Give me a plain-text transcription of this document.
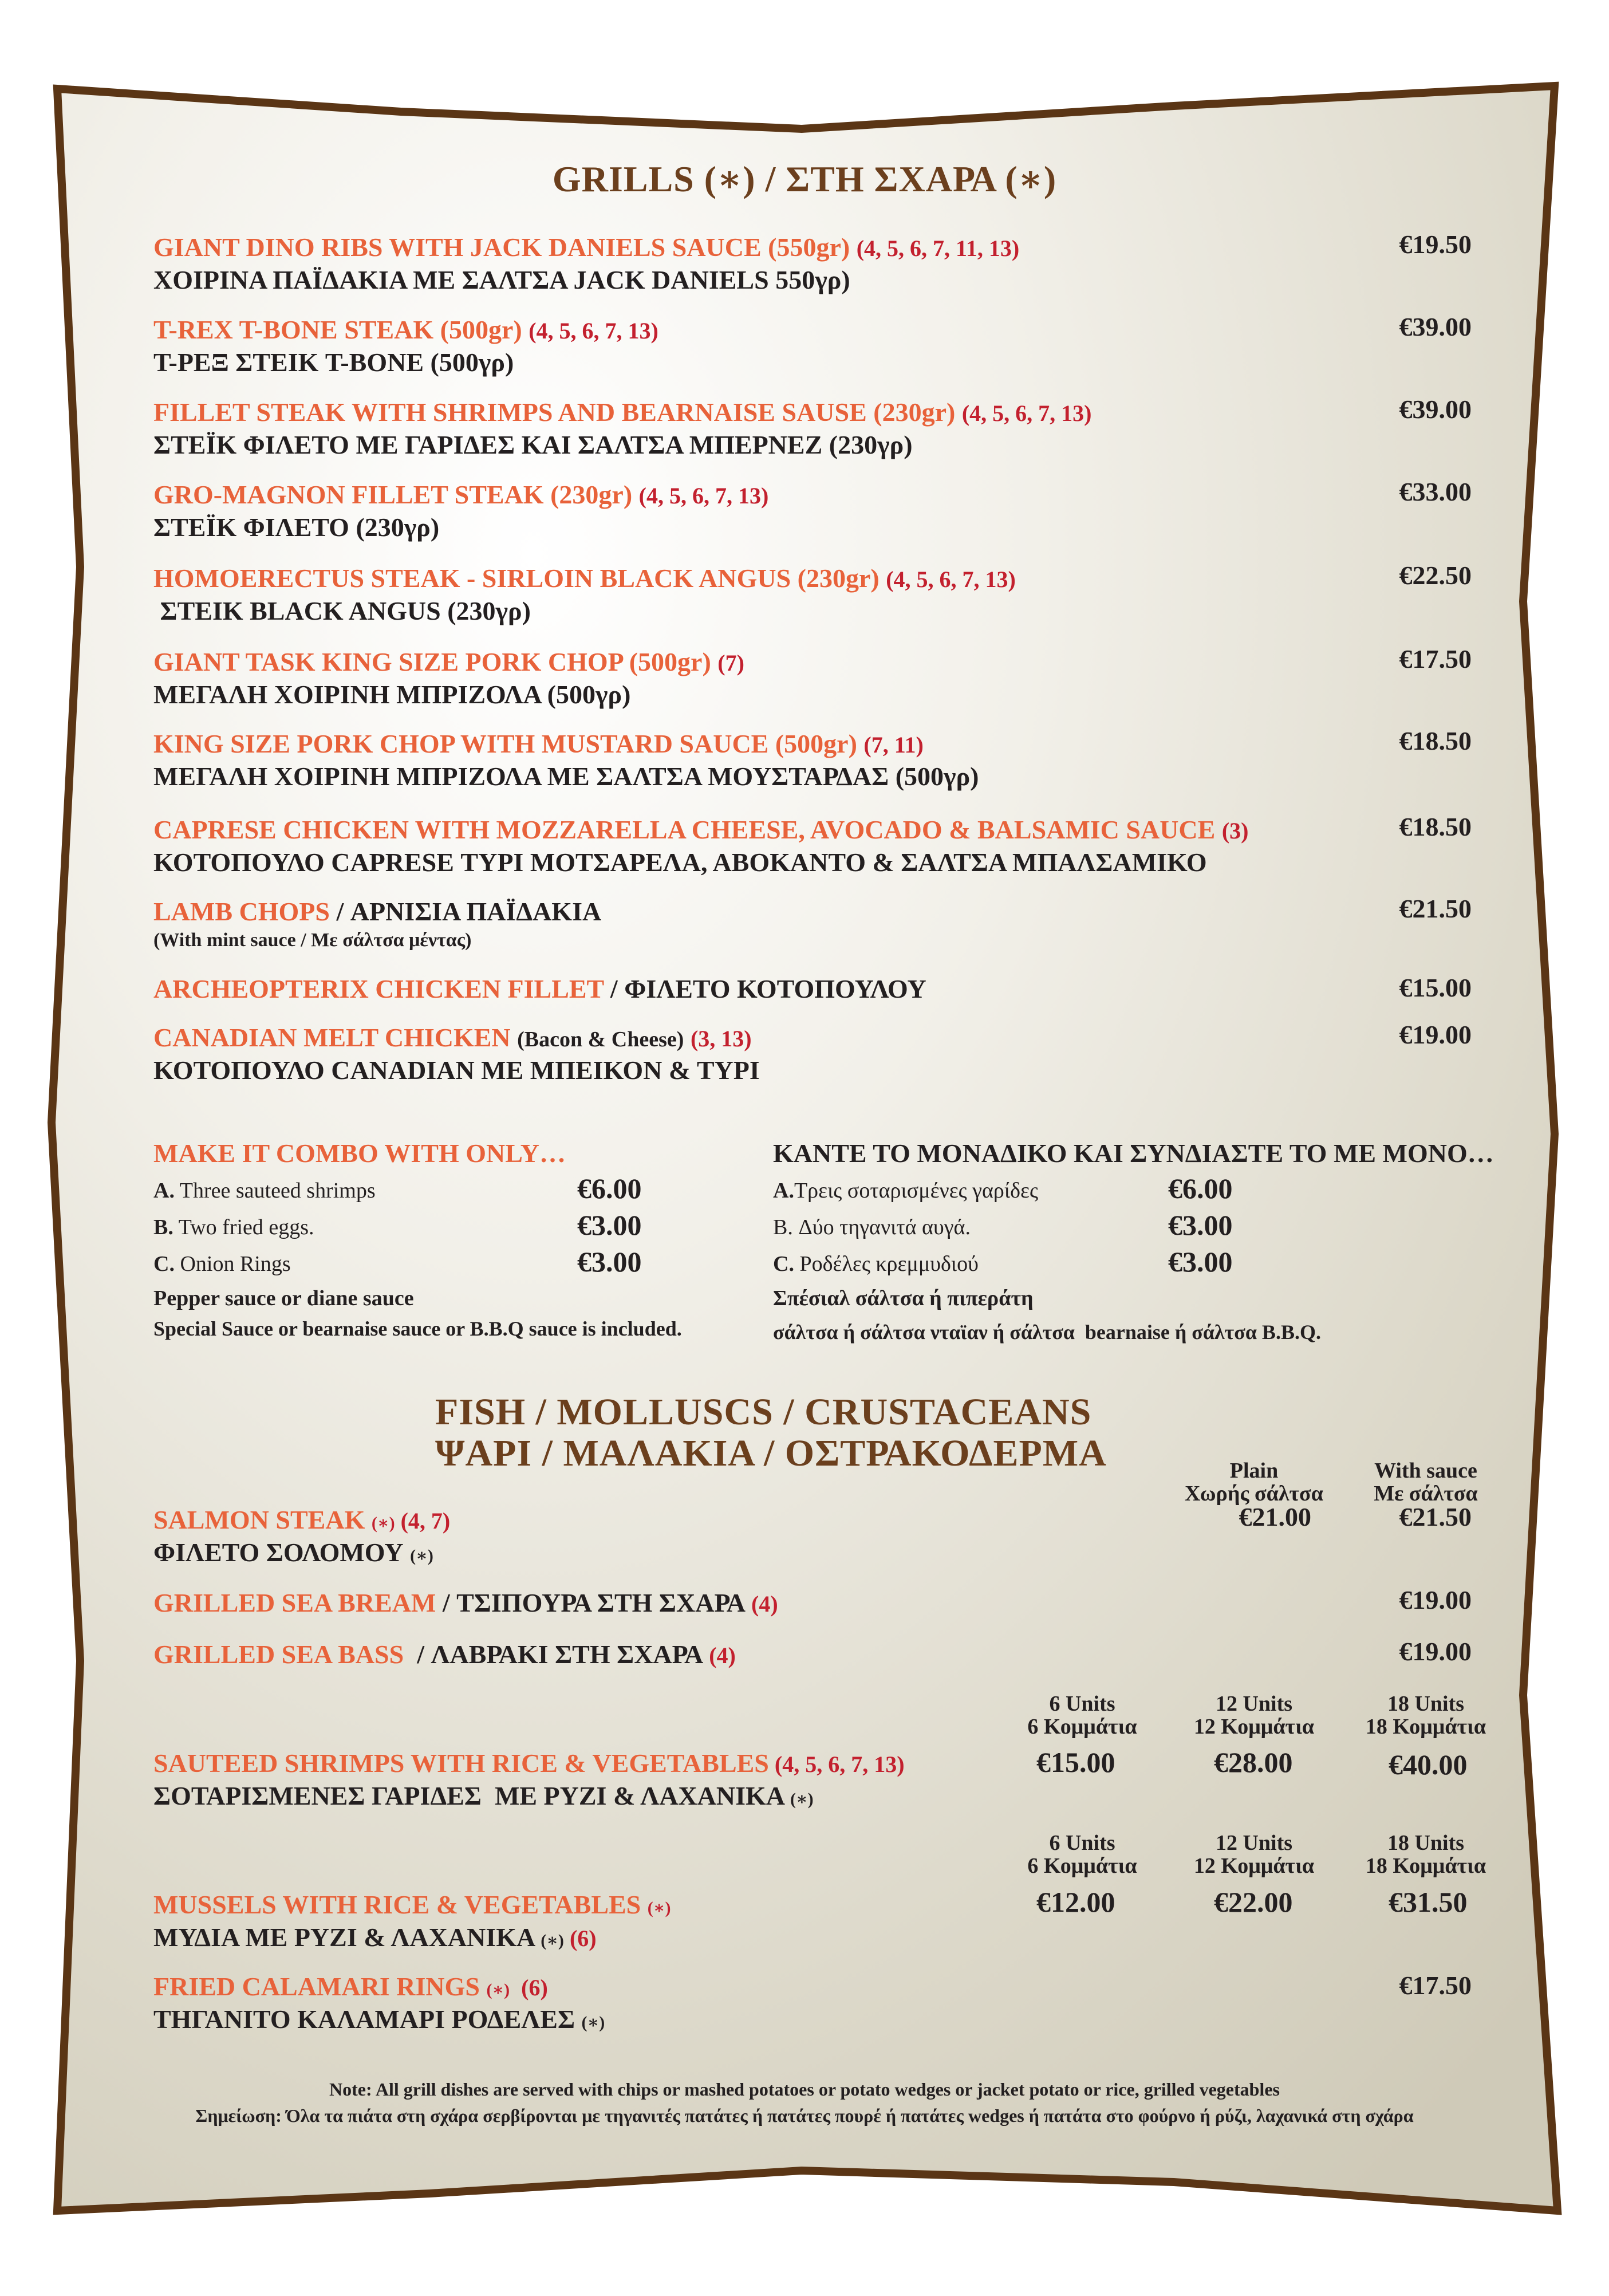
GRILLS (∗) / ΣΤΗ ΣΧΑΡΑ (∗)
GIANT DINO RIBS WITH JACK DANIELS SAUCE (550gr) (4, 5, 6, 7, 11, 13)
ΧΟΙΡΙΝΑ ΠΑΪΔΑΚΙΑ ΜΕ ΣΑΛΤΣΑ JACK DANIELS 550γρ)
€19.50
T-REX T-BONE STEAK (500gr) (4, 5, 6, 7, 13)
Τ-ΡΕΞ ΣΤΕΙΚ T-BONE (500γρ)
€39.00
FILLET STEAK WITH SHRIMPS AND BEARNAISE SAUSE (230gr) (4, 5, 6, 7, 13)
ΣΤΕΪΚ ΦΙΛΕΤΟ ΜΕ ΓΑΡΙΔΕΣ ΚΑΙ ΣΑΛΤΣΑ ΜΠΕΡΝΕΖ (230γρ)
€39.00
GRO-MAGNON FILLET STEAK (230gr) (4, 5, 6, 7, 13)
ΣΤΕΪΚ ΦΙΛΕΤΟ (230γρ)
€33.00
HOMOERECTUS STEAK - SIRLOIN BLACK ANGUS (230gr) (4, 5, 6, 7, 13)
ΣΤΕΙΚ BLACK ANGUS (230γρ)
€22.50
GIANT TASK KING SIZE PORK CHOP (500gr) (7)
ΜΕΓΑΛΗ ΧΟΙΡΙΝΗ ΜΠΡΙΖΟΛΑ (500γρ)
€17.50
KING SIZE PORK CHOP WITH MUSTARD SAUCE (500gr) (7, 11)
ΜΕΓΑΛΗ ΧΟΙΡΙΝΗ ΜΠΡΙΖΟΛΑ ΜΕ ΣΑΛΤΣΑ ΜΟΥΣΤΑΡΔΑΣ (500γρ)
€18.50
CAPRESE CHICKEN WITH MOZZARELLA CHEESE, AVOCADO & BALSAMIC SAUCE (3)
ΚΟΤΟΠΟΥΛΟ CAPRESE ΤΥΡΙ ΜΟΤΣΑΡΕΛΑ, ΑΒΟΚΑΝΤΟ & ΣΑΛΤΣΑ ΜΠΑΛΣΑΜΙΚΟ
€18.50
LAMB CHOPS / ΑΡΝΙΣΙΑ ΠΑΪΔΑΚΙΑ
(With mint sauce / Με σάλτσα μέντας)
€21.50
ARCHEOPTERIX CHICKEN FILLET / ΦΙΛΕΤΟ ΚΟΤΟΠΟΥΛΟΥ	€15.00
CANADIAN MELT CHICKEN (Bacon & Cheese) (3, 13)
ΚΟΤΟΠΟΥΛΟ CANADIAN ΜΕ ΜΠΕΙΚΟΝ & ΤΥΡΙ
€19.00
MAKE IT COMBO WITH ONLY…
A. Three sauteed shrimps	€6.00
B. Two fried eggs.	€3.00
C. Onion Rings	€3.00
Pepper sauce or diane sauce
Special Sauce or bearnaise sauce or B.B.Q sauce is included.
ΚΑΝΤΕ ΤΟ ΜΟΝΑΔΙΚΟ ΚΑΙ ΣΥΝΔΙΑΣΤΕ ΤΟ ΜΕ ΜΟΝΟ…
A.Τρεις σοταρισμένες γαρίδες	€6.00
B. Δύο τηγανιτά αυγά.	€3.00
C. Ροδέλες κρεμμυδιού	€3.00
Σπέσιαλ σάλτσα ή πιπεράτη
σάλτσα ή σάλτσα νταϊαν ή σάλτσα  bearnaise ή σάλτσα B.B.Q.
FISH / MOLLUSCS / CRUSTACEANS
ΨΑΡΙ / ΜΑΛΑΚΙΑ / ΟΣΤΡΑΚΟΔΕΡΜΑ	Plain
Χωρής σάλτσα
With sauce
Με σάλτσα
SALMON STEAK (∗) (4, 7)
ΦΙΛΕΤΟ ΣΟΛΟΜΟΥ (∗)
€21.00	€21.50
GRILLED SEA BREAM / ΤΣΙΠΟΥΡΑ ΣΤΗ ΣΧΑΡΑ (4)	€19.00
GRILLED SEA BASS  / ΛΑΒΡΑΚΙ ΣΤΗ ΣΧΑΡΑ (4)	€19.00
6 Units
6 Κομμάτια
12 Units
12 Κομμάτια
18 Units
18 Κομμάτια
SAUTEED SHRIMPS WITH RICE & VEGETABLES (4, 5, 6, 7, 13)
ΣΟΤΑΡΙΣΜΕΝΕΣ ΓΑΡΙΔΕΣ  ΜΕ ΡΥΖΙ & ΛΑΧΑΝΙΚΑ (∗)
€15.00	€28.00	€40.00
6 Units
6 Κομμάτια
12 Units
12 Κομμάτια
18 Units
18 Κομμάτια
MUSSELS WITH RICE & VEGETABLES (∗)
ΜΥΔΙΑ ΜΕ ΡΥΖΙ & ΛΑΧΑΝΙΚΑ (∗) (6)
€12.00	€22.00	€31.50
FRIED CALAMARI RINGS (∗)  (6)
ΤΗΓΑΝΙΤΟ ΚΑΛΑΜΑΡΙ ΡΟΔΕΛΕΣ (∗)
€17.50
Note: All grill dishes are served with chips or mashed potatoes or potato wedges or jacket potato or rice, grilled vegetables
Σημείωση: Όλα τα πιάτα στη σχάρα σερβίρονται με τηγανιτές πατάτες ή πατάτες πουρέ ή πατάτες wedges ή πατάτα στο φούρνο ή ρύζι, λαχανικά στη σχάρα
